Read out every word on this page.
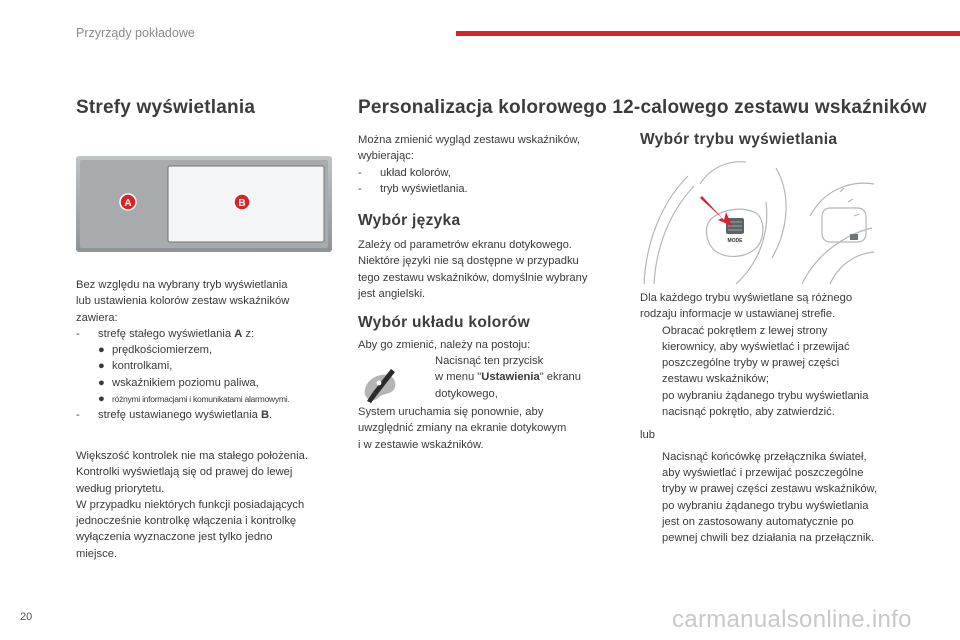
Przyrządy pokładowe
Strefy wyświetlania
A	B

Bez względu na wybrany tryb wyświetlania

lub ustawienia kolorów zestaw wskaźników

zawiera:

-	strefę stałego wyświetlania A z:
● prędkościomierzem,
● kontrolkami,
● wskaźnikiem poziomu paliwa,
● różnymi informacjami i komunikatami alarmowymi.
-	strefę ustawianego wyświetlania B.

Większość kontrolek nie ma stałego położenia.

Kontrolki wyświetlają się od prawej do lewej

według priorytetu.

W przypadku niektórych funkcji posiadających

jednocześnie kontrolkę włączenia i kontrolkę

wyłączenia wyznaczone jest tylko jedno

miejsce.

Personalizacja kolorowego 12-calowego zestawu wskaźników

Można zmienić wygląd zestawu wskaźników,

wybierając:

-	układ kolorów,
-	tryb wyświetlania.
Wybór języka

Zależy od parametrów ekranu dotykowego.

Niektóre języki nie są dostępne w przypadku

tego zestawu wskaźników, domyślnie wybrany

jest angielski.

Wybór układu kolorów

Aby go zmienić, należy na postoju:

Nacisnąć ten przycisk

w menu "Ustawienia" ekranu

dotykowego,

System uruchamia się ponownie, aby

uwzględnić zmiany na ekranie dotykowym

i w zestawie wskaźników.

Wybór trybu wyświetlania
MODE

Dla każdego trybu wyświetlane są różnego

rodzaju informacje w ustawianej strefie.

Obracać pokrętłem z lewej strony
kierownicy, aby wyświetlać i przewijać
poszczególne tryby w prawej części
zestawu wskaźników;
po wybraniu żądanego trybu wyświetlania
nacisnąć pokrętło, aby zatwierdzić.

lub

Nacisnąć końcówkę przełącznika świateł,
aby wyświetlać i przewijać poszczególne
tryby w prawej części zestawu wskaźników,
po wybraniu żądanego trybu wyświetlania
jest on zastosowany automatycznie po
pewnej chwili bez działania na przełącznik.
20	carmanualsonline.info
